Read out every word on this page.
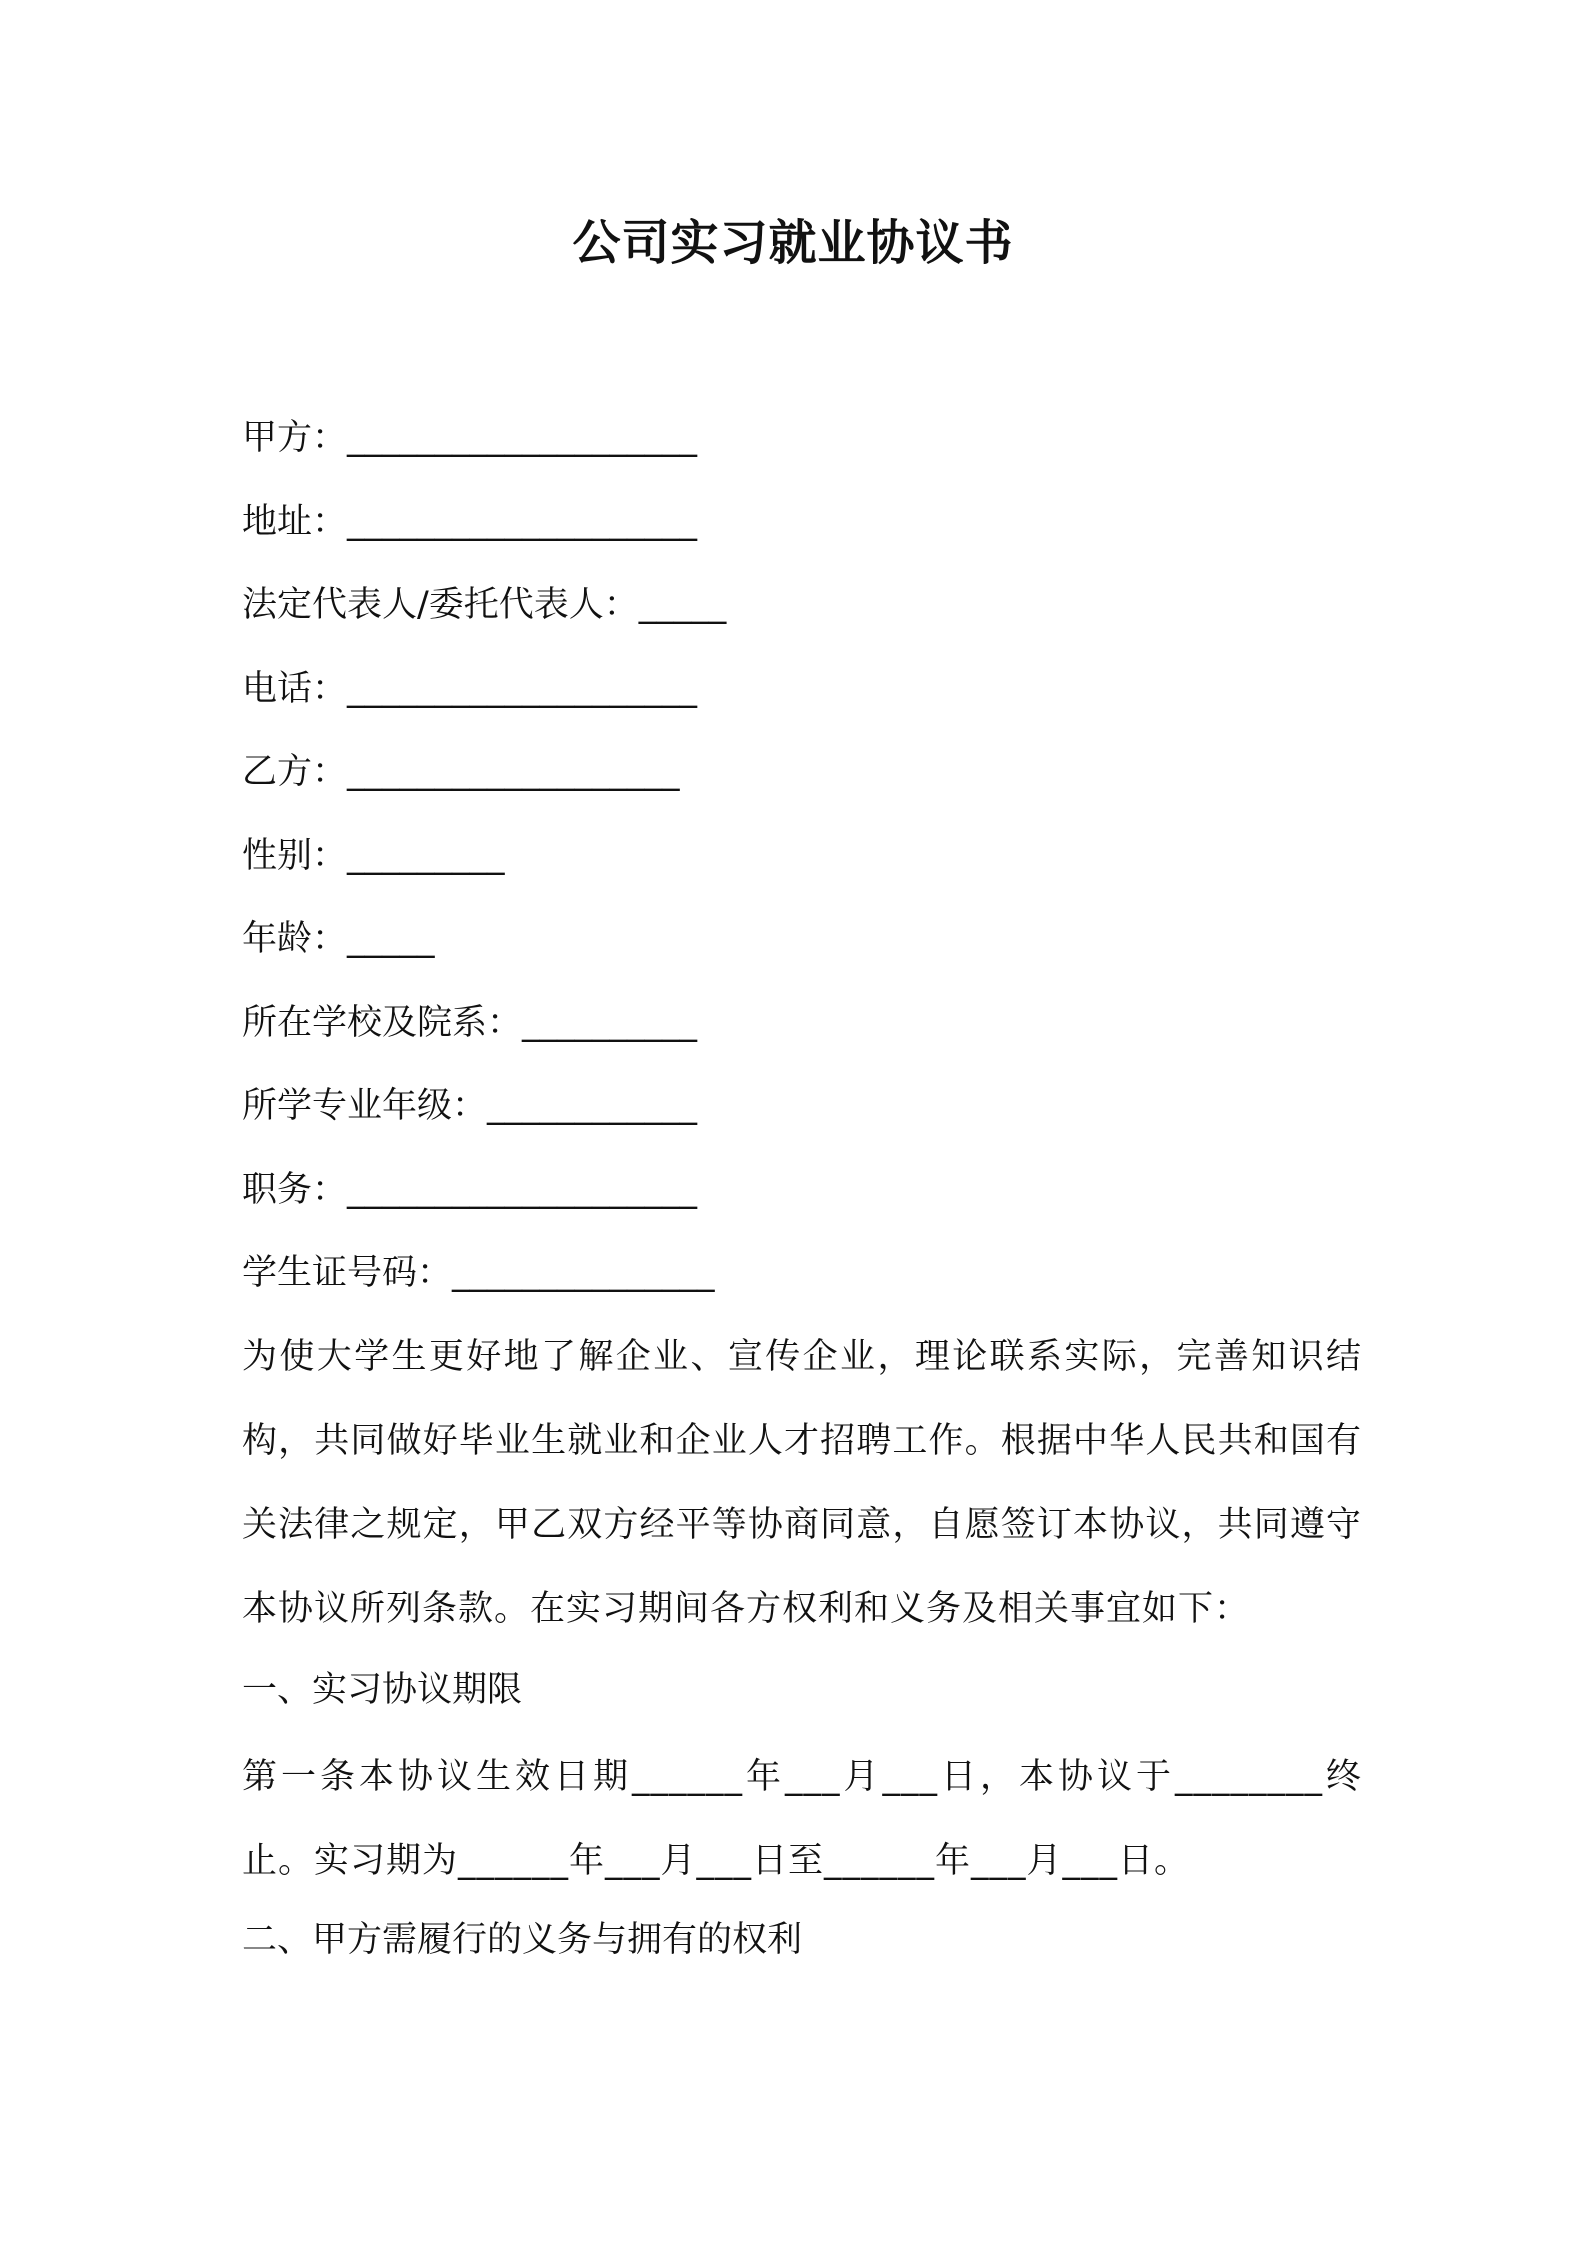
公司实习就业协议书

甲方：____________________

地址：____________________

法定代表人/委托代表人：_____

电话：____________________

乙方：___________________

性别：_________

年龄：_____

所在学校及院系：__________

所学专业年级：____________

职务：____________________

学生证号码：_______________

为使大学生更好地了解企业、宣传企业，理论联系实际，完善知识结构，共同做好毕业生就业和企业人才招聘工作。根据中华人民共和国有关法律之规定，甲乙双方经平等协商同意，自愿签订本协议，共同遵守本协议所列条款。在实习期间各方权利和义务及相关事宜如下：

一、实习协议期限

第一条本协议生效日期______年___月___日，本协议于________终止。实习期为______年___月___日至______年___月___日。

二、甲方需履行的义务与拥有的权利
